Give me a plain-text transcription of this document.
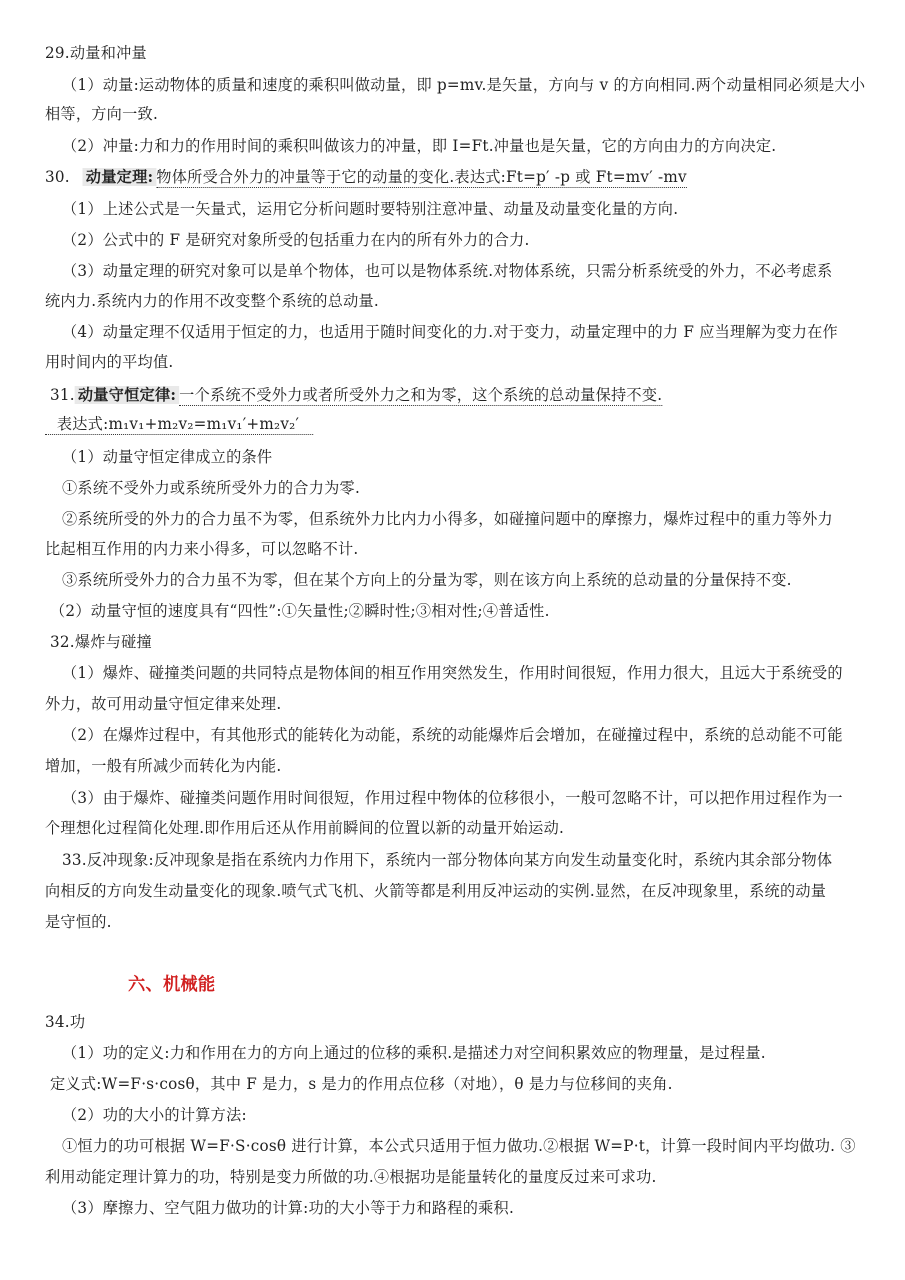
29.动量和冲量
（1）动量:运动物体的质量和速度的乘积叫做动量，即 p=mv.是矢量，方向与 v 的方向相同.两个动量相同必须是大小
相等，方向一致.
（2）冲量:力和力的作用时间的乘积叫做该力的冲量，即 I=Ft.冲量也是矢量，它的方向由力的方向决定.
30. 动量定理: 物体所受合外力的冲量等于它的动量的变化.表达式:Ft=p′ -p 或 Ft=mv′ -mv
（1）上述公式是一矢量式，运用它分析问题时要特别注意冲量、动量及动量变化量的方向.
（2）公式中的 F 是研究对象所受的包括重力在内的所有外力的合力.
（3）动量定理的研究对象可以是单个物体，也可以是物体系统.对物体系统，只需分析系统受的外力，不必考虑系
统内力.系统内力的作用不改变整个系统的总动量.
（4）动量定理不仅适用于恒定的力，也适用于随时间变化的力.对于变力，动量定理中的力 F 应当理解为变力在作
用时间内的平均值.
31. 动量守恒定律: 一个系统不受外力或者所受外力之和为零，这个系统的总动量保持不变.
表达式:m₁v₁+m₂v₂=m₁v₁′+m₂v₂′
（1）动量守恒定律成立的条件
①系统不受外力或系统所受外力的合力为零.
②系统所受的外力的合力虽不为零，但系统外力比内力小得多，如碰撞问题中的摩擦力，爆炸过程中的重力等外力
比起相互作用的内力来小得多，可以忽略不计.
③系统所受外力的合力虽不为零，但在某个方向上的分量为零，则在该方向上系统的总动量的分量保持不变.
（2）动量守恒的速度具有“四性”:①矢量性;②瞬时性;③相对性;④普适性.
32.爆炸与碰撞
（1）爆炸、碰撞类问题的共同特点是物体间的相互作用突然发生，作用时间很短，作用力很大，且远大于系统受的
外力，故可用动量守恒定律来处理.
（2）在爆炸过程中，有其他形式的能转化为动能，系统的动能爆炸后会增加，在碰撞过程中，系统的总动能不可能
增加，一般有所减少而转化为内能.
（3）由于爆炸、碰撞类问题作用时间很短，作用过程中物体的位移很小，一般可忽略不计，可以把作用过程作为一
个理想化过程简化处理.即作用后还从作用前瞬间的位置以新的动量开始运动.
33.反冲现象:反冲现象是指在系统内力作用下，系统内一部分物体向某方向发生动量变化时，系统内其余部分物体
向相反的方向发生动量变化的现象.喷气式飞机、火箭等都是利用反冲运动的实例.显然，在反冲现象里，系统的动量
是守恒的.
六、机械能
34.功
（1）功的定义:力和作用在力的方向上通过的位移的乘积.是描述力对空间积累效应的物理量，是过程量.
定义式:W=F·s·cosθ，其中 F 是力，s 是力的作用点位移（对地），θ 是力与位移间的夹角.
（2）功的大小的计算方法:
①恒力的功可根据 W=F·S·cosθ 进行计算，本公式只适用于恒力做功.②根据 W=P·t，计算一段时间内平均做功. ③
利用动能定理计算力的功，特别是变力所做的功.④根据功是能量转化的量度反过来可求功.
（3）摩擦力、空气阻力做功的计算:功的大小等于力和路程的乘积.
